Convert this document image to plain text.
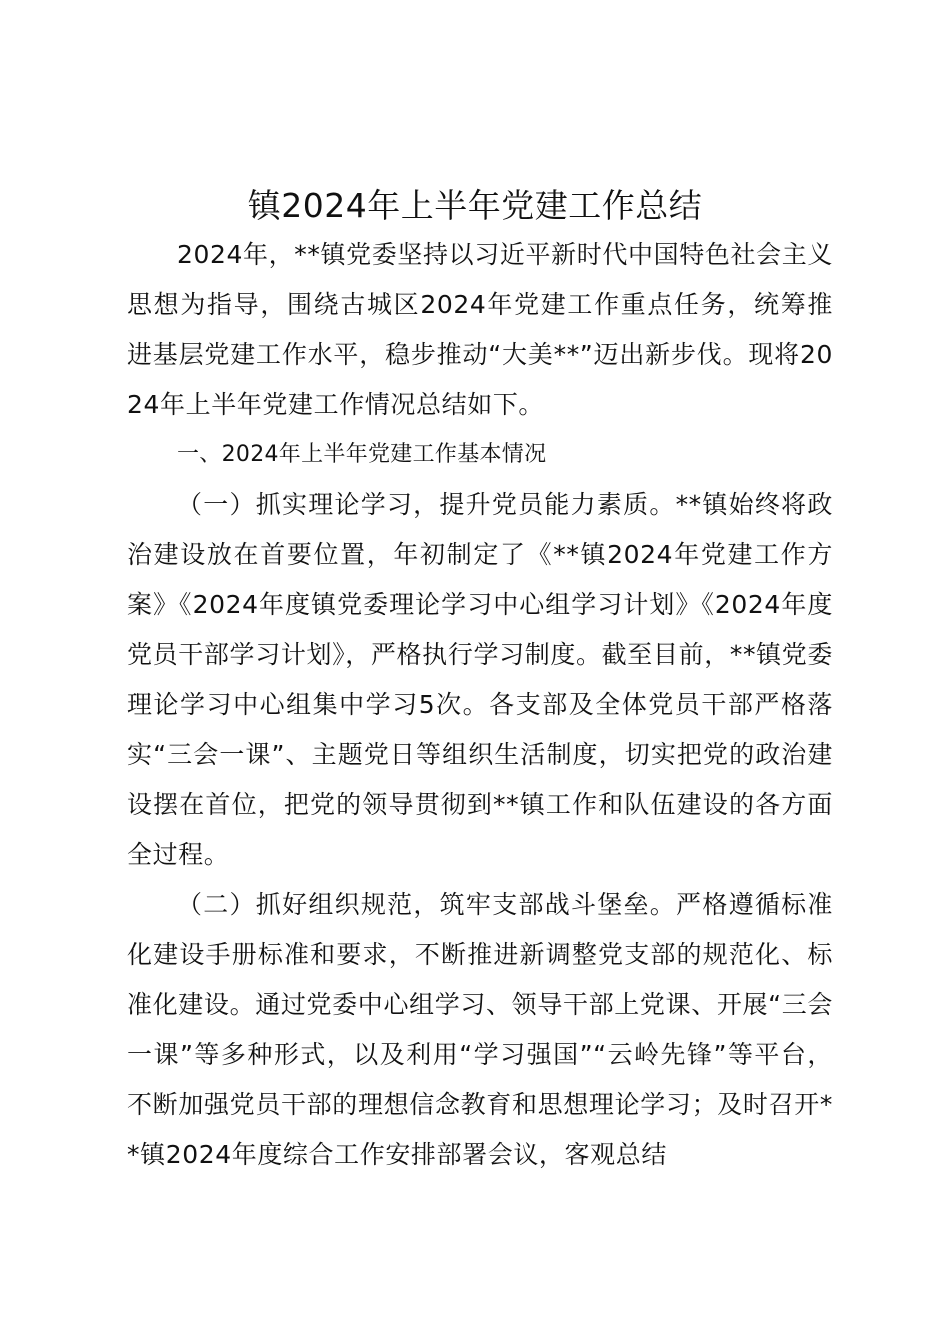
镇2024年上半年党建工作总结

2024年，**镇党委坚持以习近平新时代中国特色社会主义思想为指导，围绕古城区2024年党建工作重点任务，统筹推进基层党建工作水平，稳步推动“大美**”迈出新步伐。现将2024年上半年党建工作情况总结如下。

一、2024年上半年党建工作基本情况

（一）抓实理论学习，提升党员能力素质。**镇始终将政治建设放在首要位置，年初制定了《**镇2024年党建工作方案》《2024年度镇党委理论学习中心组学习计划》《2024年度党员干部学习计划》，严格执行学习制度。截至目前，**镇党委理论学习中心组集中学习5次。各支部及全体党员干部严格落实“三会一课”、主题党日等组织生活制度，切实把党的政治建设摆在首位，把党的领导贯彻到**镇工作和队伍建设的各方面全过程。

（二）抓好组织规范，筑牢支部战斗堡垒。严格遵循标准化建设手册标准和要求，不断推进新调整党支部的规范化、标准化建设。通过党委中心组学习、领导干部上党课、开展“三会一课”等多种形式，以及利用“学习强国”“云岭先锋”等平台，不断加强党员干部的理想信念教育和思想理论学习；及时召开**镇2024年度综合工作安排部署会议，客观总结
